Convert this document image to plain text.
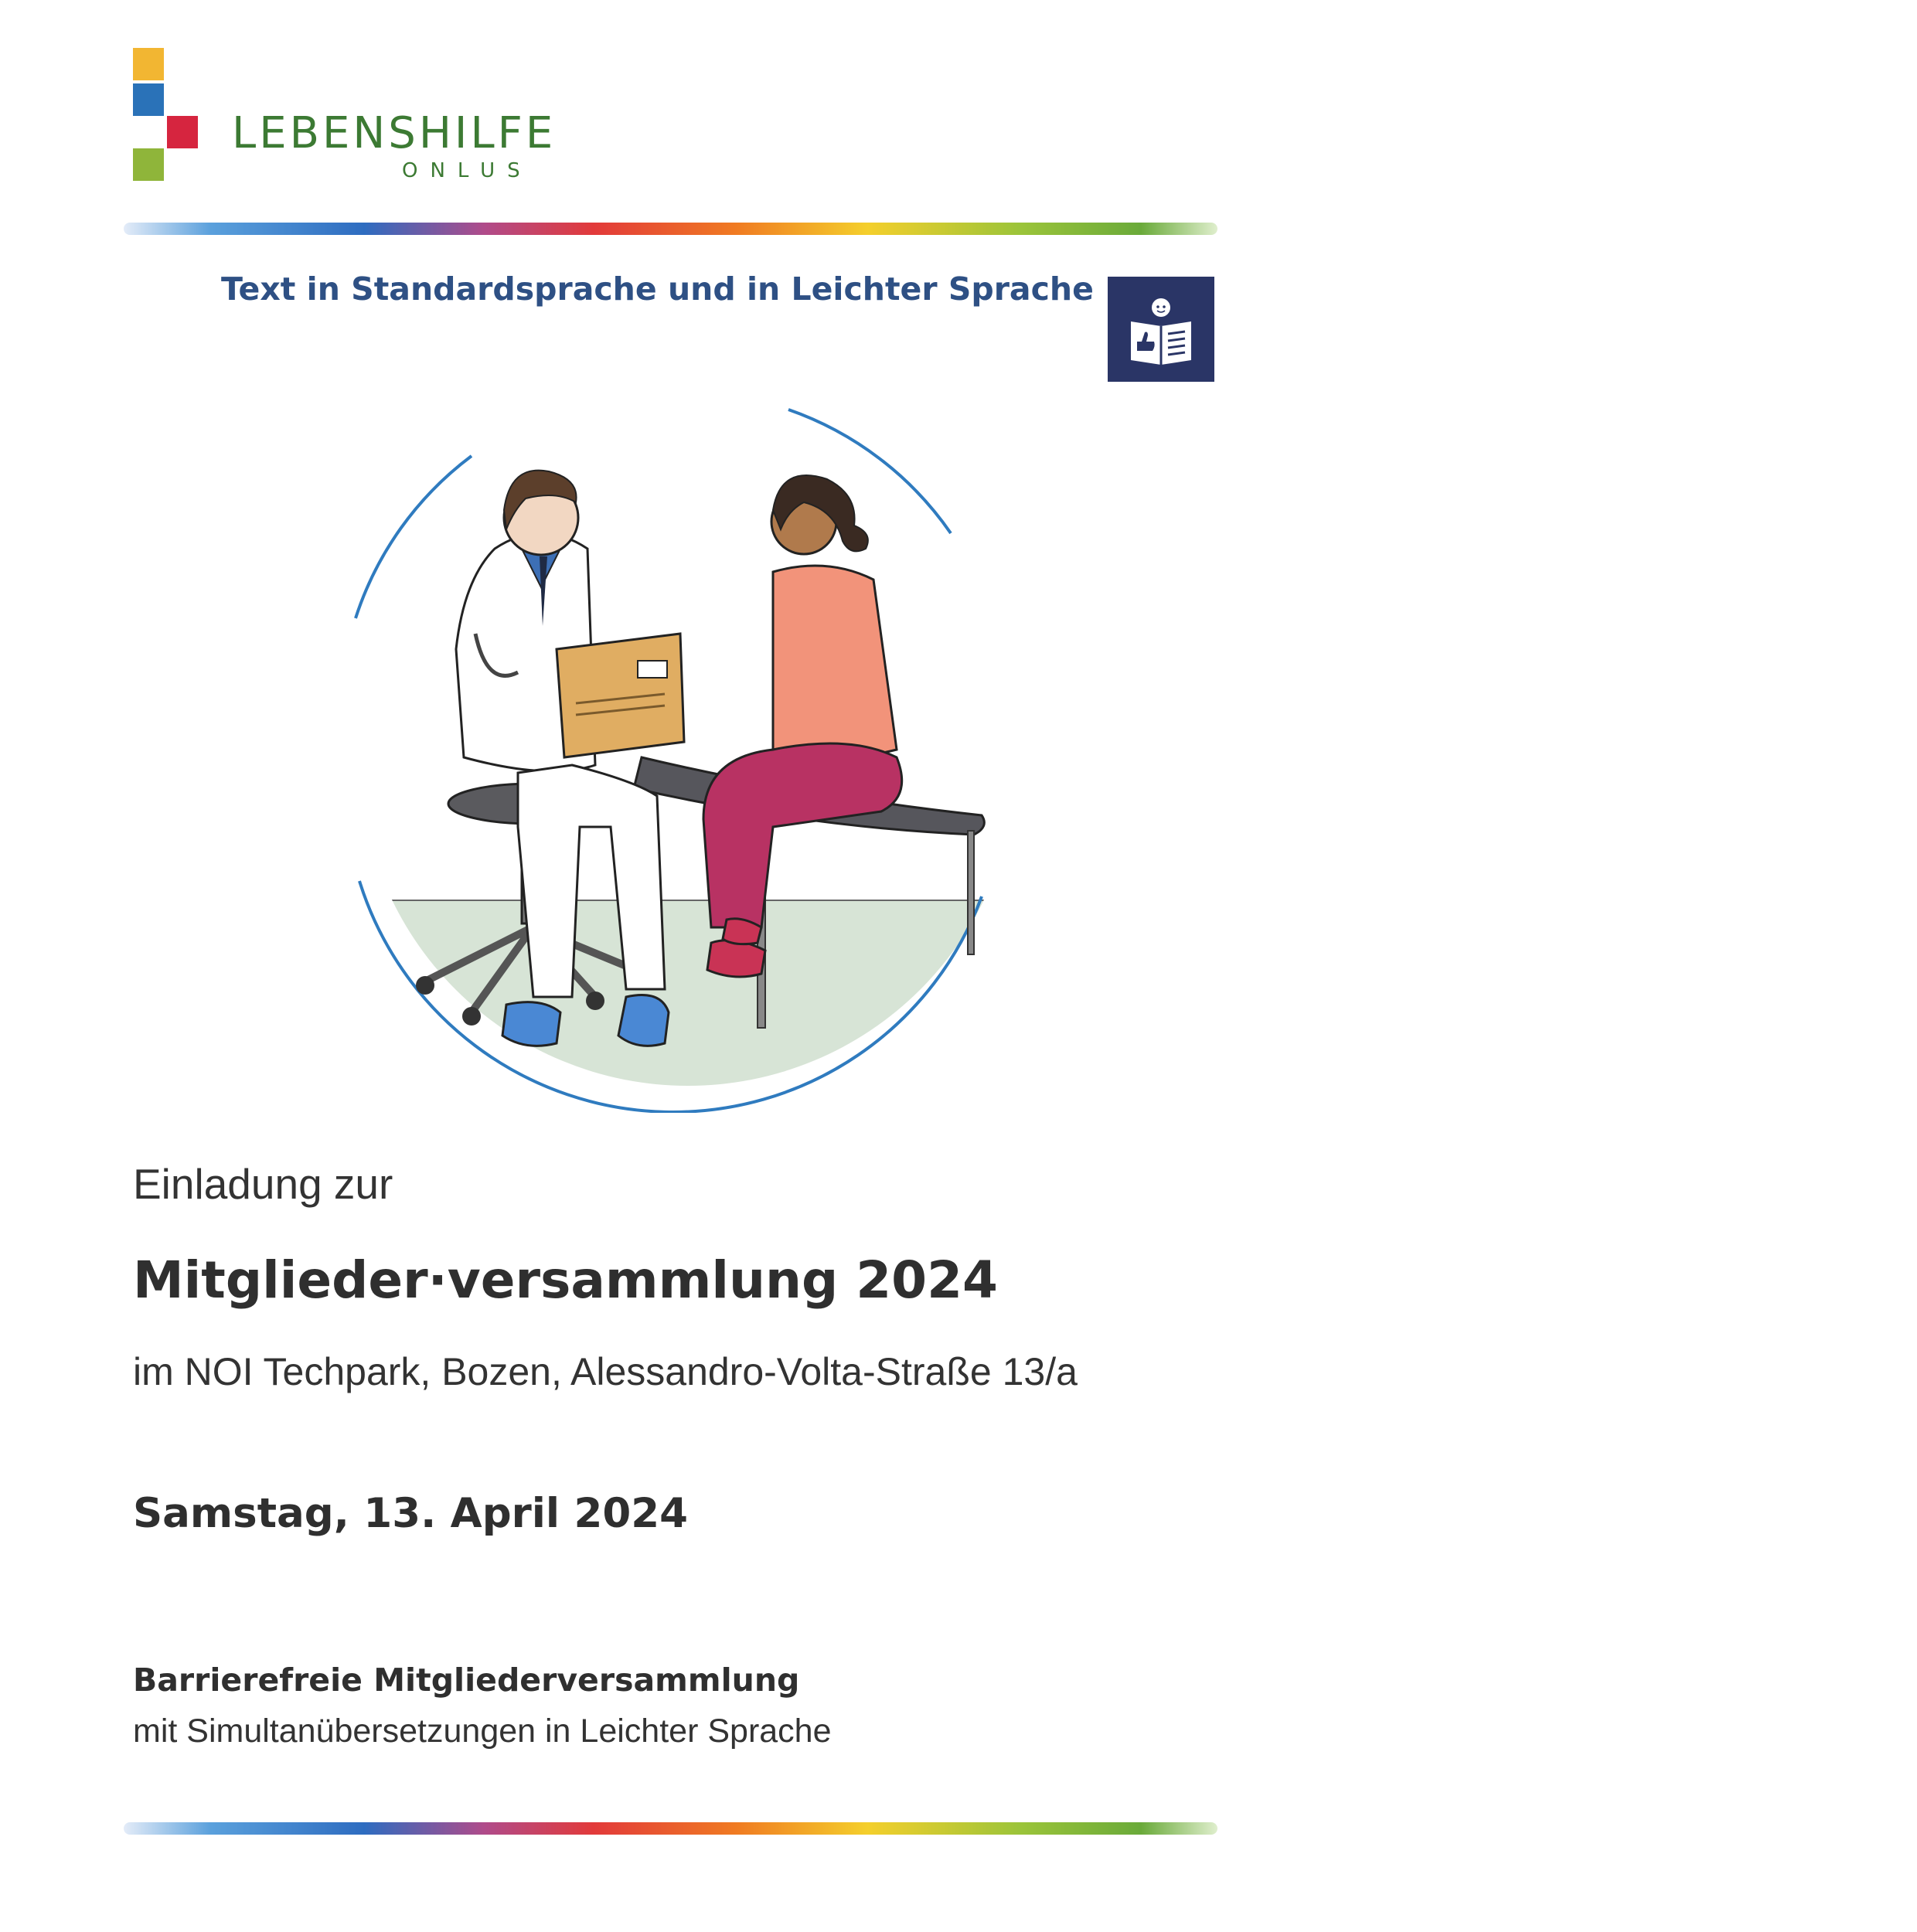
LEBENSHILFE
ONLUS
Text in Standardsprache und in Leichter Sprache
Einladung zur
Mitglieder·versammlung 2024
im NOI Techpark, Bozen, Alessandro-Volta-Straße 13/a
Samstag, 13. April 2024
Barrierefreie Mitgliederversammlung
mit Simultanübersetzungen in Leichter Sprache
